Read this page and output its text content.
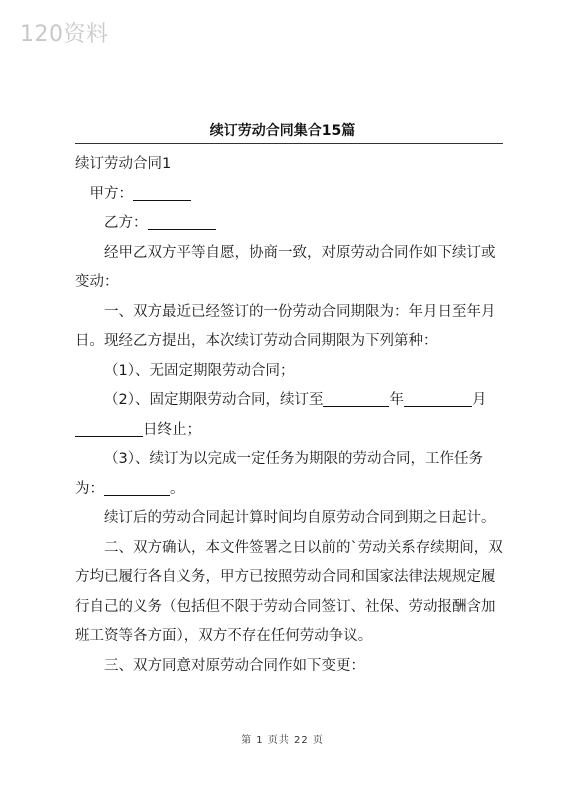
120资料
续订劳动合同集合15篇

续订劳动合同1

甲方：

乙方：

经甲乙双方平等自愿，协商一致，对原劳动合同作如下续订或变动：

一、双方最近已经签订的一份劳动合同期限为：年月日至年月日。现经乙方提出，本次续订劳动合同期限为下列第种：

（1）、无固定期限劳动合同；

（2）、固定期限劳动合同，续订至	年	月日终止；

（3）、续订为以完成一定任务为期限的劳动合同，工作任务为：	。

续订后的劳动合同起计算时间均自原劳动合同到期之日起计。

二、双方确认，本文件签署之日以前的`劳动关系存续期间，双方均已履行各自义务，甲方已按照劳动合同和国家法律法规规定履行自己的义务（包括但不限于劳动合同签订、社保、劳动报酬含加班工资等各方面），双方不存在任何劳动争议。

三、双方同意对原劳动合同作如下变更：

第 1 页共 22 页
